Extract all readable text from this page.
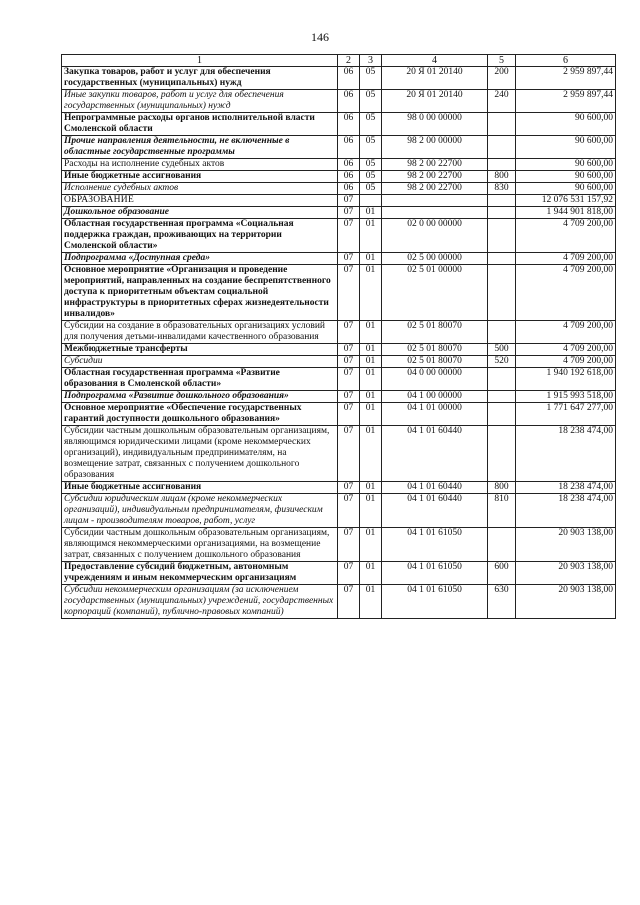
146
1	2	3	4	5	6
Закупка товаров, работ и услуг для обеспечения государственных (муниципальных) нужд	06	05	20 Я 01 20140	200	2 959 897,44
Иные закупки товаров, работ и услуг для обеспечения государственных (муниципальных) нужд	06	05	20 Я 01 20140	240	2 959 897,44
Непрограммные расходы органов исполнительной власти Смоленской области	06	05	98 0 00 00000		90 600,00
Прочие направления деятельности, не включенные в областные государственные программы	06	05	98 2 00 00000		90 600,00
Расходы на исполнение судебных актов	06	05	98 2 00 22700		90 600,00
Иные бюджетные ассигнования	06	05	98 2 00 22700	800	90 600,00
Исполнение судебных актов	06	05	98 2 00 22700	830	90 600,00
ОБРАЗОВАНИЕ	07				12 076 531 157,92
Дошкольное образование	07	01			1 944 901 818,00
Областная государственная программа «Социальная поддержка граждан, проживающих на территории Смоленской области»	07	01	02 0 00 00000		4 709 200,00
Подпрограмма «Доступная среда»	07	01	02 5 00 00000		4 709 200,00
Основное мероприятие «Организация и проведение мероприятий, направленных на создание беспрепятственного доступа к приоритетным объектам социальной инфраструктуры в приоритетных сферах жизнедеятельности инвалидов»	07	01	02 5 01 00000		4 709 200,00
Субсидии на создание в образовательных организациях условий для получения детьми-инвалидами качественного образования	07	01	02 5 01 80070		4 709 200,00
Межбюджетные трансферты	07	01	02 5 01 80070	500	4 709 200,00
Субсидии	07	01	02 5 01 80070	520	4 709 200,00
Областная государственная программа «Развитие образования в Смоленской области»	07	01	04 0 00 00000		1 940 192 618,00
Подпрограмма «Развитие дошкольного образования»	07	01	04 1 00 00000		1 915 993 518,00
Основное мероприятие «Обеспечение государственных гарантий доступности дошкольного образования»	07	01	04 1 01 00000		1 771 647 277,00
Субсидии частным дошкольным образовательным организациям, являющимся юридическими лицами (кроме некоммерческих организаций), индивидуальным предпринимателям, на возмещение затрат, связанных с получением дошкольного образования	07	01	04 1 01 60440		18 238 474,00
Иные бюджетные ассигнования	07	01	04 1 01 60440	800	18 238 474,00
Субсидии юридическим лицам (кроме некоммерческих организаций), индивидуальным предпринимателям, физическим лицам - производителям товаров, работ, услуг	07	01	04 1 01 60440	810	18 238 474,00
Субсидии частным дошкольным образовательным организациям, являющимся некоммерческими организациями, на возмещение затрат, связанных с получением дошкольного образования	07	01	04 1 01 61050		20 903 138,00
Предоставление субсидий бюджетным, автономным учреждениям и иным некоммерческим организациям	07	01	04 1 01 61050	600	20 903 138,00
Субсидии некоммерческим организациям (за исключением государственных (муниципальных) учреждений, государственных корпораций (компаний), публично-правовых компаний)	07	01	04 1 01 61050	630	20 903 138,00
